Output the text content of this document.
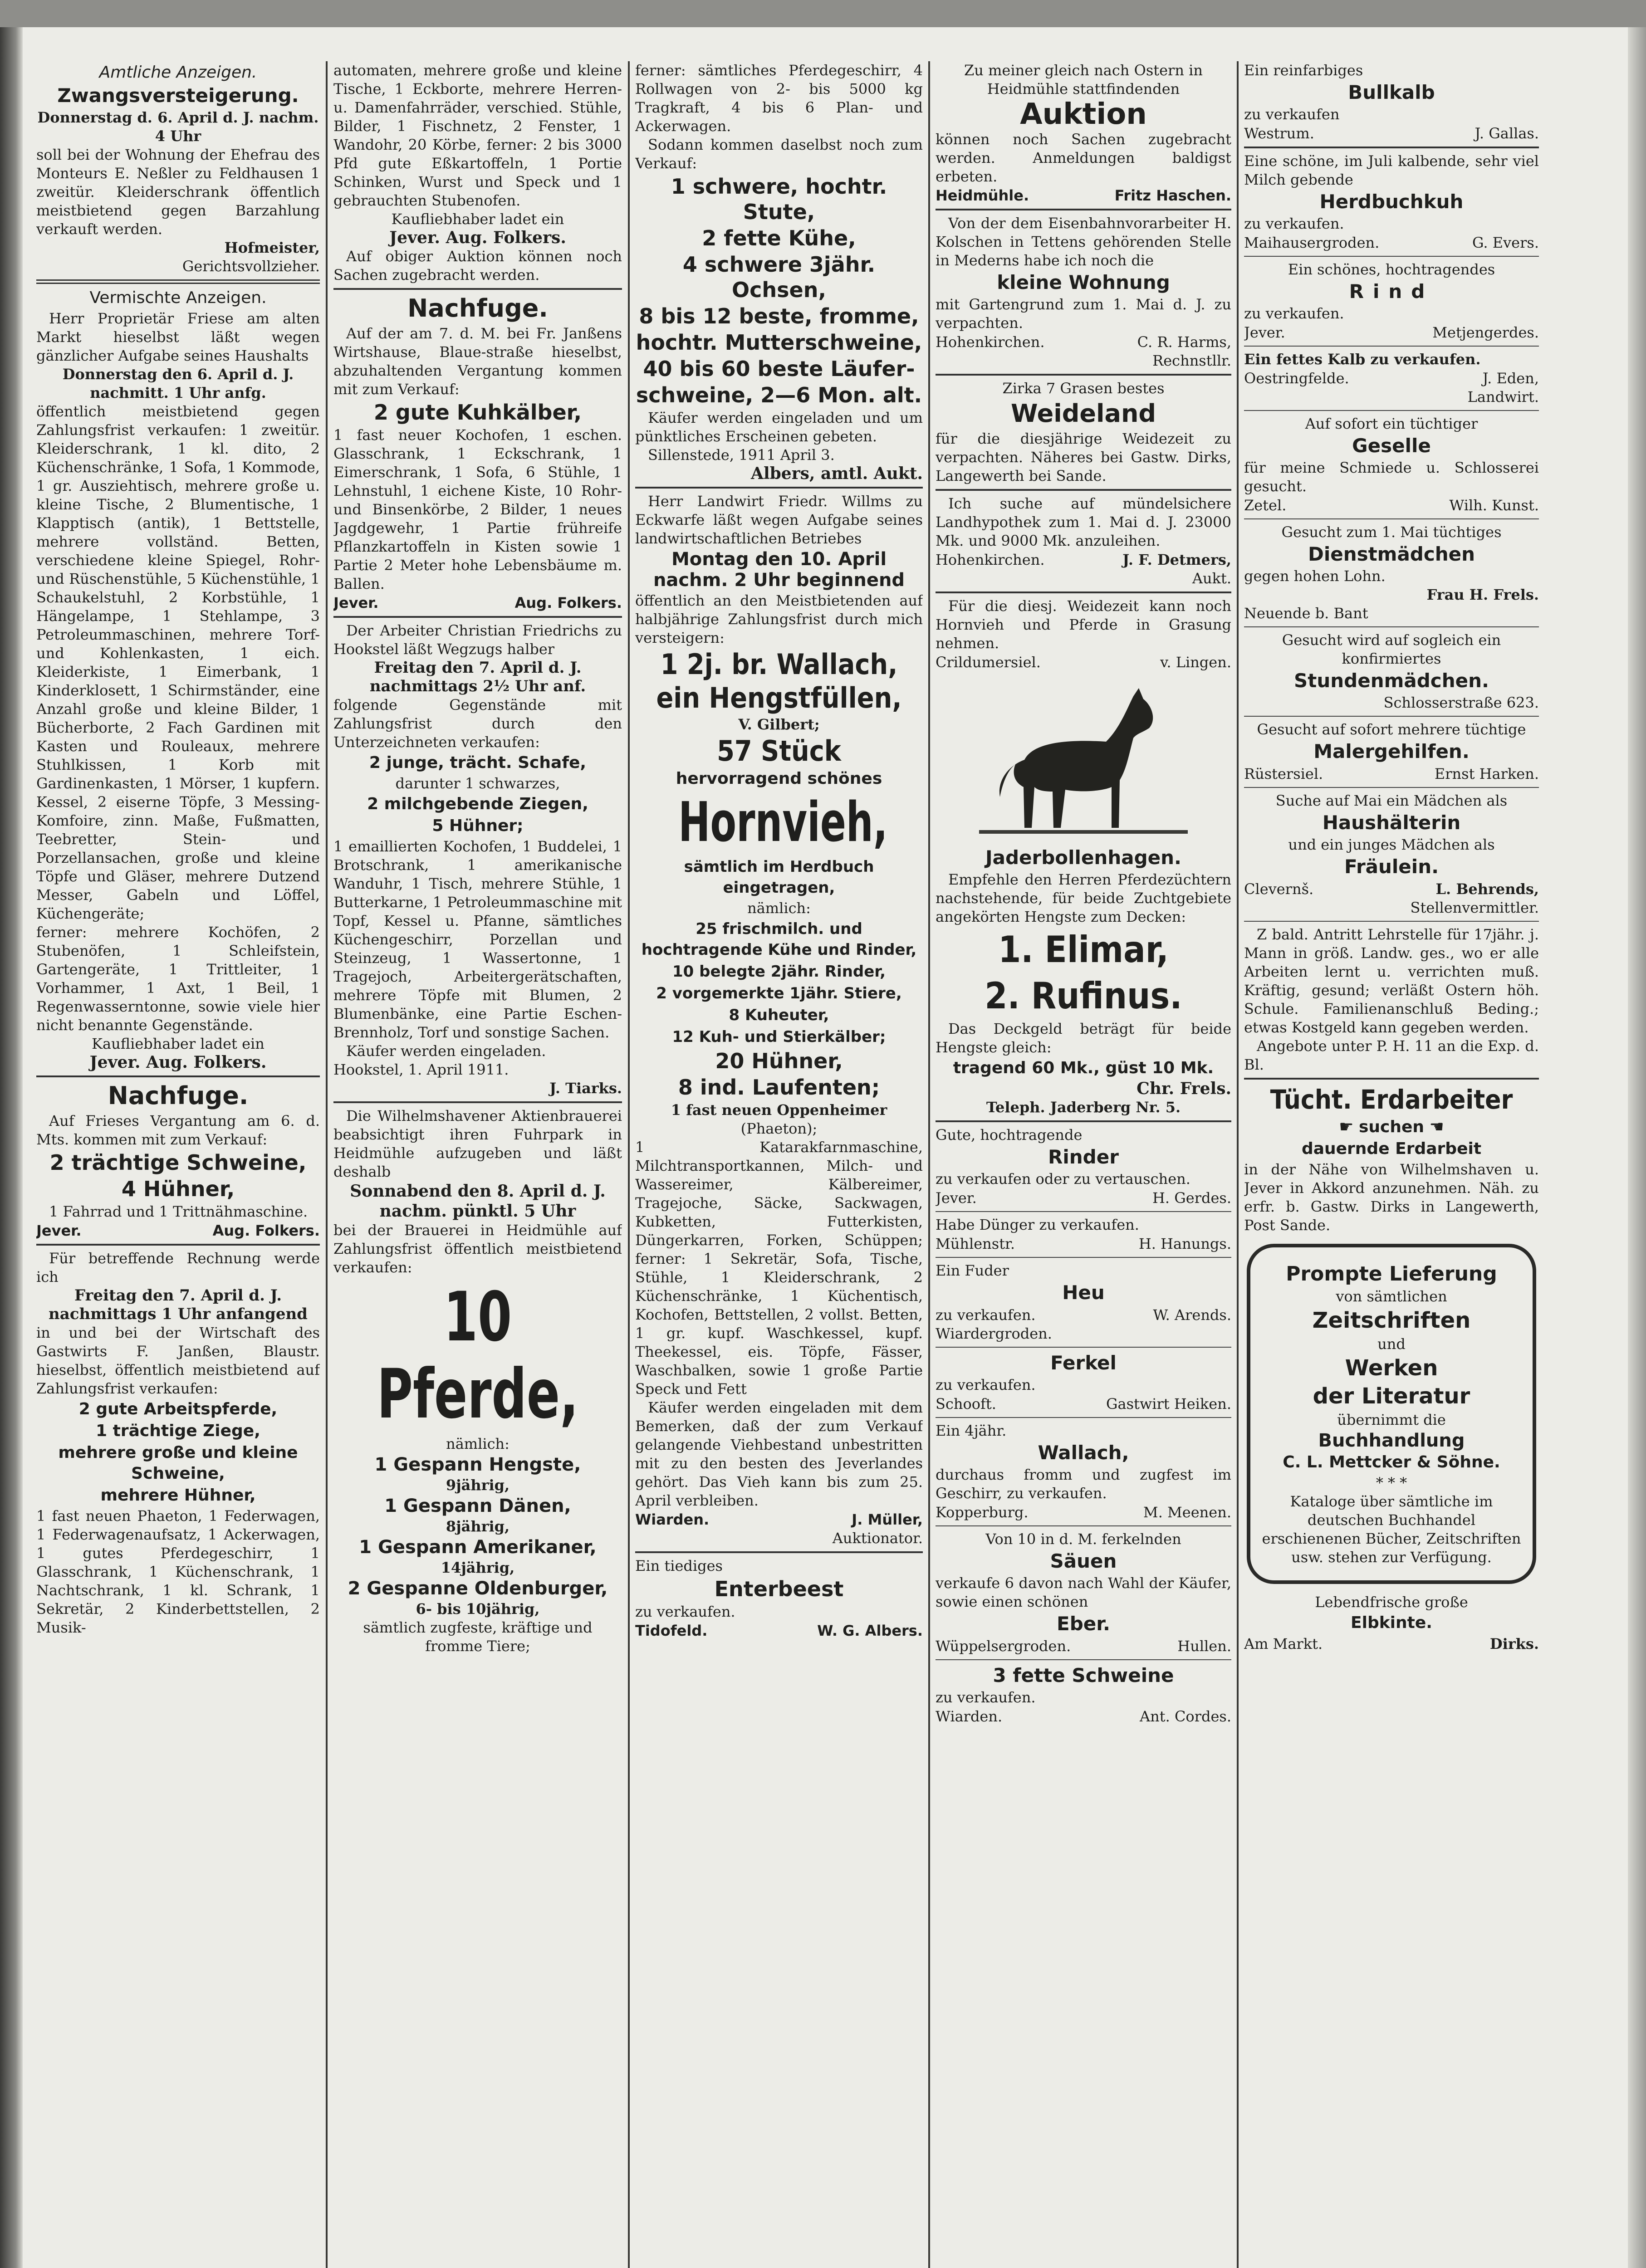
Amtliche Anzeigen.

Zwangsversteigerung.

Donnerstag d. 6. April d. J. nachm. 4 Uhr

soll bei der Wohnung der Ehefrau des Monteurs E. Neßler zu Feldhausen 1 zweitür. Kleiderschrank öffentlich meistbietend gegen Barzahlung verkauft werden.

Hofmeister,

Gerichtsvollzieher.

Vermischte Anzeigen.

Herr Proprietär Friese am alten Markt hieselbst läßt wegen gänzlicher Aufgabe seines Haushalts

Donnerstag den 6. April d. J. nachmitt. 1 Uhr anfg.

öffentlich meistbietend gegen Zahlungsfrist verkaufen: 1 zweitür. Kleiderschrank, 1 kl. dito, 2 Küchenschränke, 1 Sofa, 1 Kommode, 1 gr. Ausziehtisch, mehrere große u. kleine Tische, 2 Blumentische, 1 Klapptisch (antik), 1 Bettstelle, mehrere vollständ. Betten, verschiedene kleine Spiegel, Rohr- und Rüschenstühle, 5 Küchenstühle, 1 Schaukelstuhl, 2 Korbstühle, 1 Hängelampe, 1 Stehlampe, 3 Petroleummaschinen, mehrere Torf- und Kohlenkasten, 1 eich. Kleiderkiste, 1 Eimerbank, 1 Kinderklosett, 1 Schirmständer, eine Anzahl große und kleine Bilder, 1 Bücherborte, 2 Fach Gardinen mit Kasten und Rouleaux, mehrere Stuhlkissen, 1 Korb mit Gardinenkasten, 1 Mörser, 1 kupfern. Kessel, 2 eiserne Töpfe, 3 Messing-Komfoire, zinn. Maße, Fußmatten, Teebretter, Stein- und Porzellansachen, große und kleine Töpfe und Gläser, mehrere Dutzend Messer, Gabeln und Löffel, Küchengeräte;

ferner: mehrere Kochöfen, 2 Stubenöfen, 1 Schleifstein, Gartengeräte, 1 Trittleiter, 1 Vorhammer, 1 Axt, 1 Beil, 1 Regenwasserntonne, sowie viele hier nicht benannte Gegenstände.

Kaufliebhaber ladet ein

Jever. Aug. Folkers.

Nachfuge.

Auf Frieses Vergantung am 6. d. Mts. kommen mit zum Verkauf:

2 trächtige Schweine,

4 Hühner,

1 Fahrrad und 1 Trittnähmaschine.

Jever.	Aug. Folkers.

Für betreffende Rechnung werde ich

Freitag den 7. April d. J. nachmittags 1 Uhr anfangend

in und bei der Wirtschaft des Gastwirts F. Janßen, Blaustr. hieselbst, öffentlich meistbietend auf Zahlungsfrist verkaufen:

2 gute Arbeitspferde,

1 trächtige Ziege,

mehrere große und kleine Schweine,

mehrere Hühner,

1 fast neuen Phaeton, 1 Federwagen, 1 Federwagenaufsatz, 1 Ackerwagen, 1 gutes Pferdegeschirr, 1 Glasschrank, 1 Küchenschrank, 1 Nachtschrank, 1 kl. Schrank, 1 Sekretär, 2 Kinderbettstellen, 2 Musik-

automaten, mehrere große und kleine Tische, 1 Eckborte, mehrere Herren- u. Damenfahrräder, verschied. Stühle, Bilder, 1 Fischnetz, 2 Fenster, 1 Wandohr, 20 Körbe, ferner: 2 bis 3000 Pfd gute Eßkartoffeln, 1 Portie Schinken, Wurst und Speck und 1 gebrauchten Stubenofen.

Kaufliebhaber ladet ein

Jever. Aug. Folkers.

Auf obiger Auktion können noch Sachen zugebracht werden.

Nachfuge.

Auf der am 7. d. M. bei Fr. Janßens Wirtshause, Blaue-straße hieselbst, abzuhaltenden Vergantung kommen mit zum Verkauf:

2 gute Kuhkälber,

1 fast neuer Kochofen, 1 eschen. Glasschrank, 1 Eckschrank, 1 Eimerschrank, 1 Sofa, 6 Stühle, 1 Lehnstuhl, 1 eichene Kiste, 10 Rohr- und Binsenkörbe, 2 Bilder, 1 neues Jagdgewehr, 1 Partie frühreife Pflanzkartoffeln in Kisten sowie 1 Partie 2 Meter hohe Lebensbäume m. Ballen.

Jever.	Aug. Folkers.

Der Arbeiter Christian Friedrichs zu Hookstel läßt Wegzugs halber

Freitag den 7. April d. J. nachmittags 2½ Uhr anf.

folgende Gegenstände mit Zahlungsfrist durch den Unterzeichneten verkaufen:

2 junge, trächt. Schafe,

darunter 1 schwarzes,

2 milchgebende Ziegen,

5 Hühner;

1 emaillierten Kochofen, 1 Buddelei, 1 Brotschrank, 1 amerikanische Wanduhr, 1 Tisch, mehrere Stühle, 1 Butterkarne, 1 Petroleummaschine mit Topf, Kessel u. Pfanne, sämtliches Küchengeschirr, Porzellan und Steinzeug, 1 Wassertonne, 1 Tragejoch, Arbeitergerätschaften, mehrere Töpfe mit Blumen, 2 Blumenbänke, eine Partie Eschen-Brennholz, Torf und sonstige Sachen.

Käufer werden eingeladen.

Hookstel, 1. April 1911.

J. Tiarks.

Die Wilhelmshavener Aktienbrauerei beabsichtigt ihren Fuhrpark in Heidmühle aufzugeben und läßt deshalb

Sonnabend den 8. April d. J. nachm. pünktl. 5 Uhr

bei der Brauerei in Heidmühle auf Zahlungsfrist öffentlich meistbietend verkaufen:

10 Pferde,

nämlich:

1 Gespann Hengste,

9jährig,

1 Gespann Dänen,

8jährig,

1 Gespann Amerikaner,

14jährig,

2 Gespanne Oldenburger,

6- bis 10jährig,

sämtlich zugfeste, kräftige und fromme Tiere;

ferner: sämtliches Pferdegeschirr, 4 Rollwagen von 2- bis 5000 kg Tragkraft, 4 bis 6 Plan- und Ackerwagen.

Sodann kommen daselbst noch zum Verkauf:

1 schwere, hochtr. Stute,

2 fette Kühe,

4 schwere 3jähr. Ochsen,

8 bis 12 beste, fromme,

hochtr. Mutterschweine,

40 bis 60 beste Läufer-

schweine, 2—6 Mon. alt.

Käufer werden eingeladen und um pünktliches Erscheinen gebeten.

Sillenstede, 1911 April 3.

Albers, amtl. Aukt.

Herr Landwirt Friedr. Willms zu Eckwarfe läßt wegen Aufgabe seines landwirtschaftlichen Betriebes

Montag den 10. April nachm. 2 Uhr beginnend

öffentlich an den Meistbietenden auf halbjährige Zahlungsfrist durch mich versteigern:

1 2j. br. Wallach,

ein Hengstfüllen,

V. Gilbert;

57 Stück

hervorragend schönes

Hornvieh,

sämtlich im Herdbuch eingetragen,

nämlich:

25 frischmilch. und hochtragende Kühe und Rinder,

10 belegte 2jähr. Rinder,

2 vorgemerkte 1jähr. Stiere,

8 Kuheuter,

12 Kuh- und Stierkälber;

20 Hühner,

8 ind. Laufenten;

1 fast neuen Oppenheimer

(Phaeton);

1 Katarakfarnmaschine, Milchtransportkannen, Milch- und Wassereimer, Kälbereimer, Tragejoche, Säcke, Sackwagen, Kubketten, Futterkisten, Düngerkarren, Forken, Schüppen; ferner: 1 Sekretär, Sofa, Tische, Stühle, 1 Kleiderschrank, 2 Küchenschränke, 1 Küchentisch, Kochofen, Bettstellen, 2 vollst. Betten, 1 gr. kupf. Waschkessel, kupf. Theekessel, eis. Töpfe, Fässer, Waschbalken, sowie 1 große Partie Speck und Fett

Käufer werden eingeladen mit dem Bemerken, daß der zum Verkauf gelangende Viehbestand unbestritten mit zu den besten des Jeverlandes gehört. Das Vieh kann bis zum 25. April verbleiben.

Wiarden.	J. Müller,

Auktionator.

Ein tiediges

Enterbeest

zu verkaufen.

Tidofeld.	W. G. Albers.

Zu meiner gleich nach Ostern in Heidmühle stattfindenden

Auktion

können noch Sachen zugebracht werden. Anmeldungen baldigst erbeten.

Heidmühle.	Fritz Haschen.

Von der dem Eisenbahnvorarbeiter H. Kolschen in Tettens gehörenden Stelle in Mederns habe ich noch die

kleine Wohnung

mit Gartengrund zum 1. Mai d. J. zu verpachten.

Hohenkirchen.	C. R. Harms,

Rechnstllr.

Zirka 7 Grasen bestes

Weideland

für die diesjährige Weidezeit zu verpachten. Näheres bei Gastw. Dirks, Langewerth bei Sande.

Ich suche auf mündelsichere Landhypothek zum 1. Mai d. J. 23000 Mk. und 9000 Mk. anzuleihen.

Hohenkirchen.	J. F. Detmers,

Aukt.

Für die diesj. Weidezeit kann noch Hornvieh und Pferde in Grasung nehmen.

Crildumersiel.	v. Lingen.

Jaderbollenhagen.

Empfehle den Herren Pferdezüchtern nachstehende, für beide Zuchtgebiete angekörten Hengste zum Decken:

1. Elimar,

2. Rufinus.

Das Deckgeld beträgt für beide Hengste gleich:

tragend 60 Mk., güst 10 Mk.

Chr. Frels.

Teleph. Jaderberg Nr. 5.

Gute, hochtragende

Rinder

zu verkaufen oder zu vertauschen.

Jever.	H. Gerdes.

Habe Dünger zu verkaufen.

Mühlenstr.	H. Hanungs.

Ein Fuder

Heu

zu verkaufen.	W. Arends.

Wiardergroden.

Ferkel

zu verkaufen.

Schooft.	Gastwirt Heiken.

Ein 4jähr.

Wallach,

durchaus fromm und zugfest im Geschirr, zu verkaufen.

Kopperburg.	M. Meenen.

Von 10 in d. M. ferkelnden

Säuen

verkaufe 6 davon nach Wahl der Käufer, sowie einen schönen

Eber.

Wüppelsergroden.	Hullen.

3 fette Schweine

zu verkaufen.

Wiarden.	Ant. Cordes.

Ein reinfarbiges

Bullkalb

zu verkaufen

Westrum.	J. Gallas.

Eine schöne, im Juli kalbende, sehr viel Milch gebende

Herdbuchkuh

zu verkaufen.

Maihausergroden.	G. Evers.

Ein schönes, hochtragendes

Rind

zu verkaufen.

Jever.	Metjengerdes.

Ein fettes Kalb zu verkaufen.

Oestringfelde.	J. Eden,

Landwirt.

Auf sofort ein tüchtiger

Geselle

für meine Schmiede u. Schlosserei gesucht.

Zetel.	Wilh. Kunst.

Gesucht zum 1. Mai tüchtiges

Dienstmädchen

gegen hohen Lohn.

Frau H. Frels.

Neuende b. Bant

Gesucht wird auf sogleich ein konfirmiertes

Stundenmädchen.

Schlosserstraße 623.

Gesucht auf sofort mehrere tüchtige

Malergehilfen.

Rüstersiel.	Ernst Harken.

Suche auf Mai ein Mädchen als

Haushälterin

und ein junges Mädchen als

Fräulein.

Clevernš.	L. Behrends,

Stellenvermittler.

Z bald. Antritt Lehrstelle für 17jähr. j. Mann in größ. Landw. ges., wo er alle Arbeiten lernt u. verrichten muß. Kräftig, gesund; verläßt Ostern höh. Schule. Familienanschluß Beding.; etwas Kostgeld kann gegeben werden.

Angebote unter P. H. 11 an die Exp. d. Bl.

Tücht. Erdarbeiter

☛ suchen ☚

dauernde Erdarbeit

in der Nähe von Wilhelmshaven u. Jever in Akkord anzunehmen. Näh. zu erfr. b. Gastw. Dirks in Langewerth, Post Sande.

Prompte Lieferung

von sämtlichen

Zeitschriften

und

Werken

der Literatur

übernimmt die

Buchhandlung

C. L. Mettcker & Söhne.

* * *

Kataloge über sämtliche im deutschen Buchhandel erschienenen Bücher, Zeitschriften usw. stehen zur Verfügung.

Lebendfrische große

Elbkinte.

Am Markt.	Dirks.
